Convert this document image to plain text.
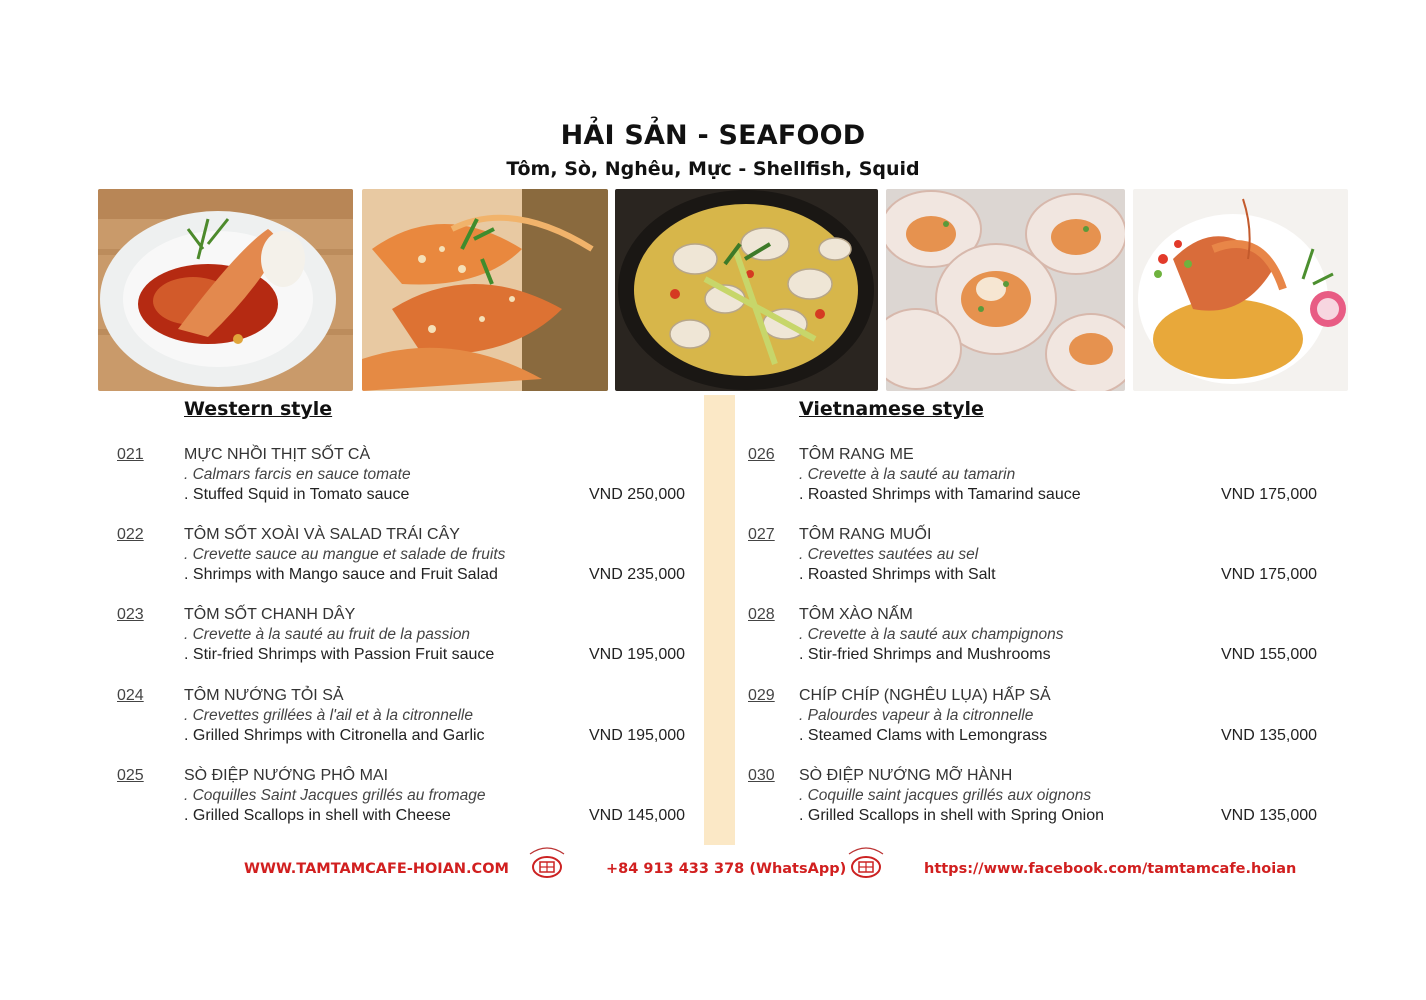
HẢI SẢN - SEAFOOD
Tôm, Sò, Nghêu, Mực - Shellfish, Squid
Western style	Vietnamese style
021	MỰC NHỒI THỊT SỐT CÀ
. Calmars farcis en sauce tomate
. Stuffed Squid in Tomato sauce	VND 250,000
022	TÔM SỐT XOÀI VÀ SALAD TRÁI CÂY
. Crevette sauce au mangue et salade de fruits
. Shrimps with Mango sauce and Fruit Salad	VND 235,000
023	TÔM SỐT CHANH DÂY
. Crevette à la sauté au fruit de la passion
. Stir-fried Shrimps with Passion Fruit sauce	VND 195,000
024	TÔM NƯỚNG TỎI SẢ
. Crevettes grillées à l'ail et à la citronnelle
. Grilled Shrimps with Citronella and Garlic	VND 195,000
025	SÒ ĐIỆP NƯỚNG PHÔ MAI
. Coquilles Saint Jacques grillés au fromage
. Grilled Scallops in shell with Cheese	VND 145,000
026 TÔM RANG ME
. Crevette à la sauté au tamarin
. Roasted Shrimps with Tamarind sauce	VND 175,000
027 TÔM RANG MUỐI
. Crevettes sautées au sel
. Roasted Shrimps with Salt	VND 175,000
028 TÔM XÀO NẤM
. Crevette à la sauté aux champignons
. Stir-fried Shrimps and Mushrooms	VND 155,000
029 CHÍP CHÍP (NGHÊU LỤA) HẤP SẢ
. Palourdes vapeur à la citronnelle
. Steamed Clams with Lemongrass	VND 135,000
030 SÒ ĐIỆP NƯỚNG MỠ HÀNH
. Coquille saint jacques grillés aux oignons
. Grilled Scallops in shell with Spring Onion	VND 135,000
WWW.TAMTAMCAFE-HOIAN.COM	+84 913 433 378 (WhatsApp)	https://www.facebook.com/tamtamcafe.hoian
